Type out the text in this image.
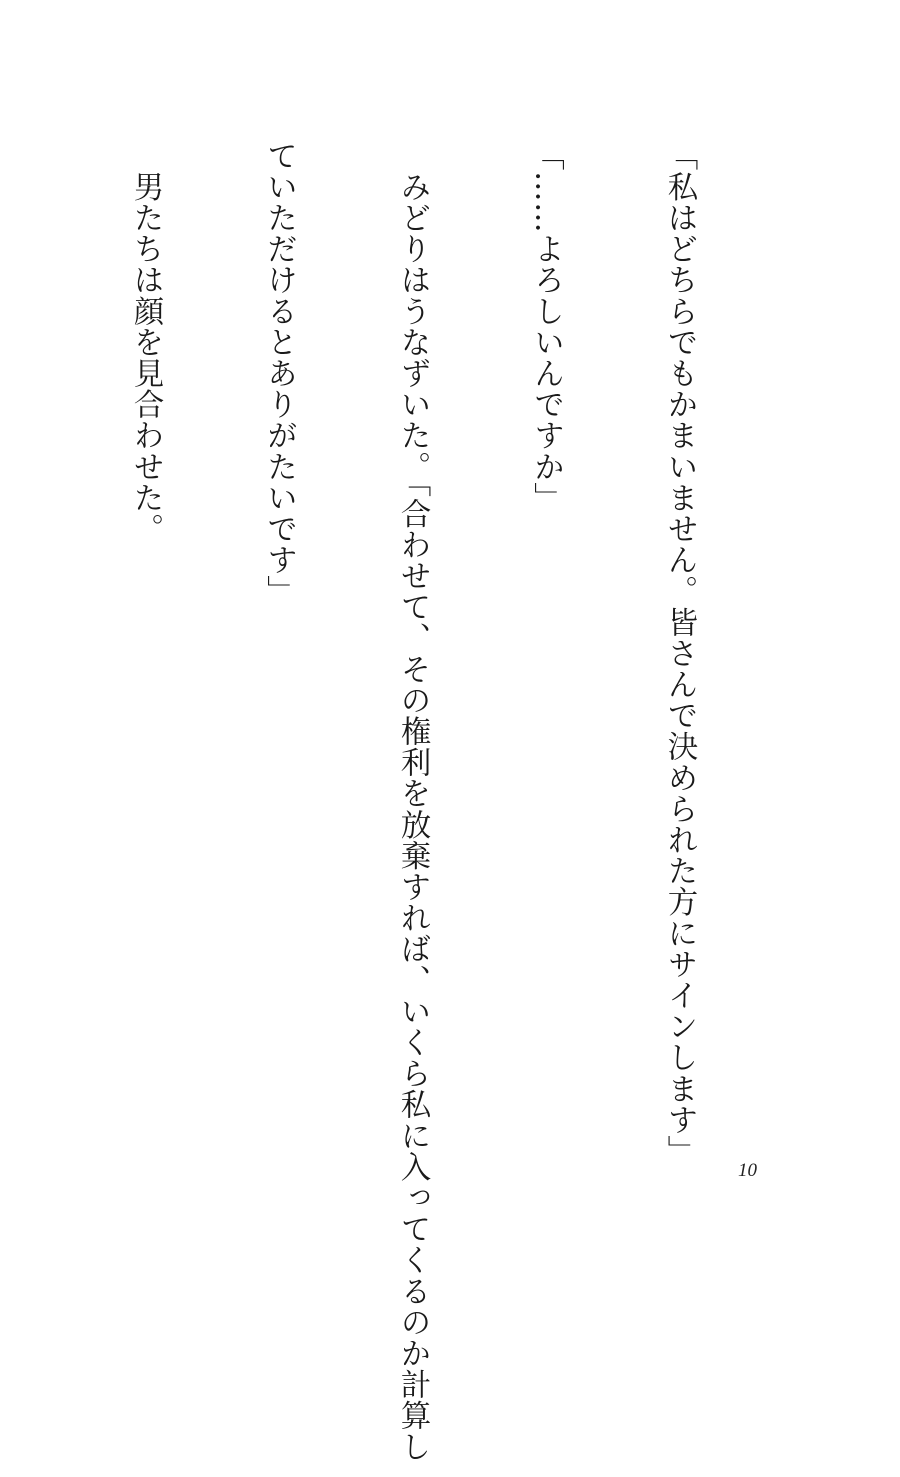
「私はどちらでもかまいません。皆さんで決められた方にサインします」

「……よろしいんですか」

　みどりはうなずいた。「合わせて、その権利を放棄すれば、いくら私に入ってくるのか計算し

ていただけるとありがたいです」

　男たちは顔を見合わせた。

10
